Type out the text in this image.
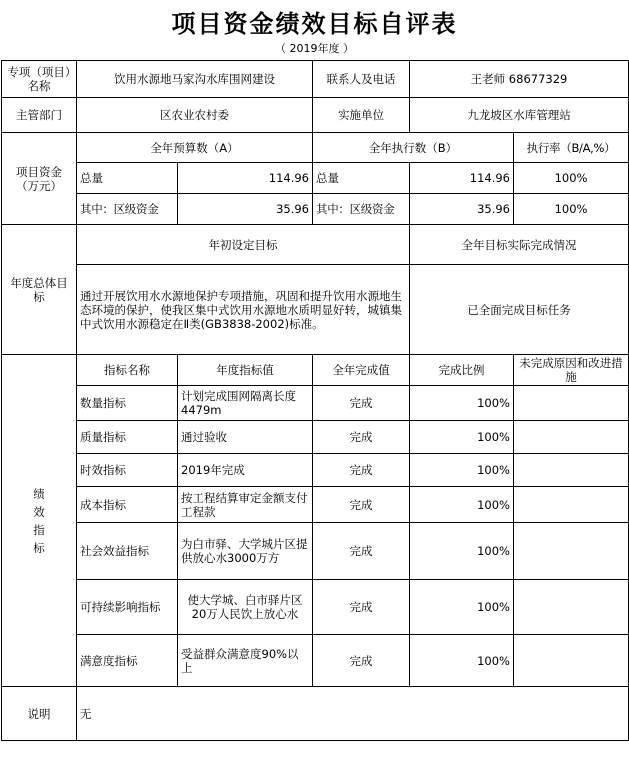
项目资金绩效目标自评表
（ 2019年度 ）
专项（项目）名称	饮用水源地马家沟水库围网建设		联系人及电话	王老师 68677329	
主管部门	区农业农村委		实施单位	九龙坡区水库管理站	
项目资金（万元）	全年预算数（A）		全年执行数（B）		执行率（B/A,%）
	总量	114.96	总量	114.96	100%
	其中：区级资金	35.96	其中：区级资金	35.96	100%
年度总体目标	年初设定目标			全年目标实际完成情况	
	通过开展饮用水水源地保护专项措施，巩固和提升饮用水源地生态环境的保护，使我区集中式饮用水源地水质明显好转，城镇集中式饮用水源稳定在Ⅱ类(GB3838-2002)标准。			已全面完成目标任务	
绩效指标	指标名称	年度指标值	全年完成值	完成比例	未完成原因和改进措施
	数量指标	计划完成围网隔离长度4479m	完成	100%	
	质量指标	通过验收	完成	100%	
	时效指标	2019年完成	完成	100%	
	成本指标	按工程结算审定金额支付工程款	完成	100%	
	社会效益指标	为白市驿、大学城片区提供放心水3000万方	完成	100%	
	可持续影响指标	使大学城、白市驿片区20万人民饮上放心水	完成	100%	
	满意度指标	受益群众满意度90%以上	完成	100%	
说明	无				
